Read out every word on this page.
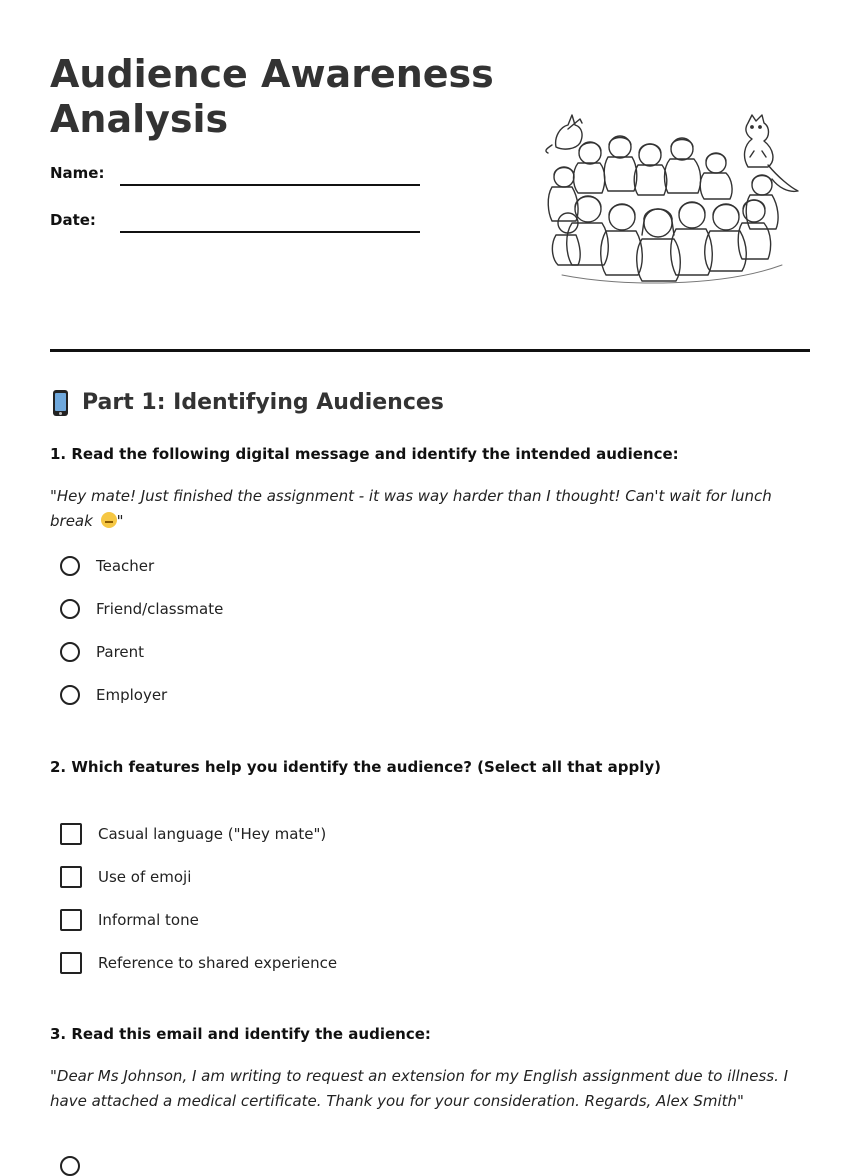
Audience Awareness
Analysis
Name:
Date:
Part 1: Identifying Audiences

1. Read the following digital message and identify the intended audience:

"Hey mate! Just finished the assignment - it was way harder than I thought! Can't wait for lunch break "

Teacher
Friend/classmate
Parent
Employer

2. Which features help you identify the audience? (Select all that apply)

Casual language ("Hey mate")
Use of emoji
Informal tone
Reference to shared experience

3. Read this email and identify the audience:

"Dear Ms Johnson, I am writing to request an extension for my English assignment due to illness. I have attached a medical certificate. Thank you for your consideration. Regards, Alex Smith"
